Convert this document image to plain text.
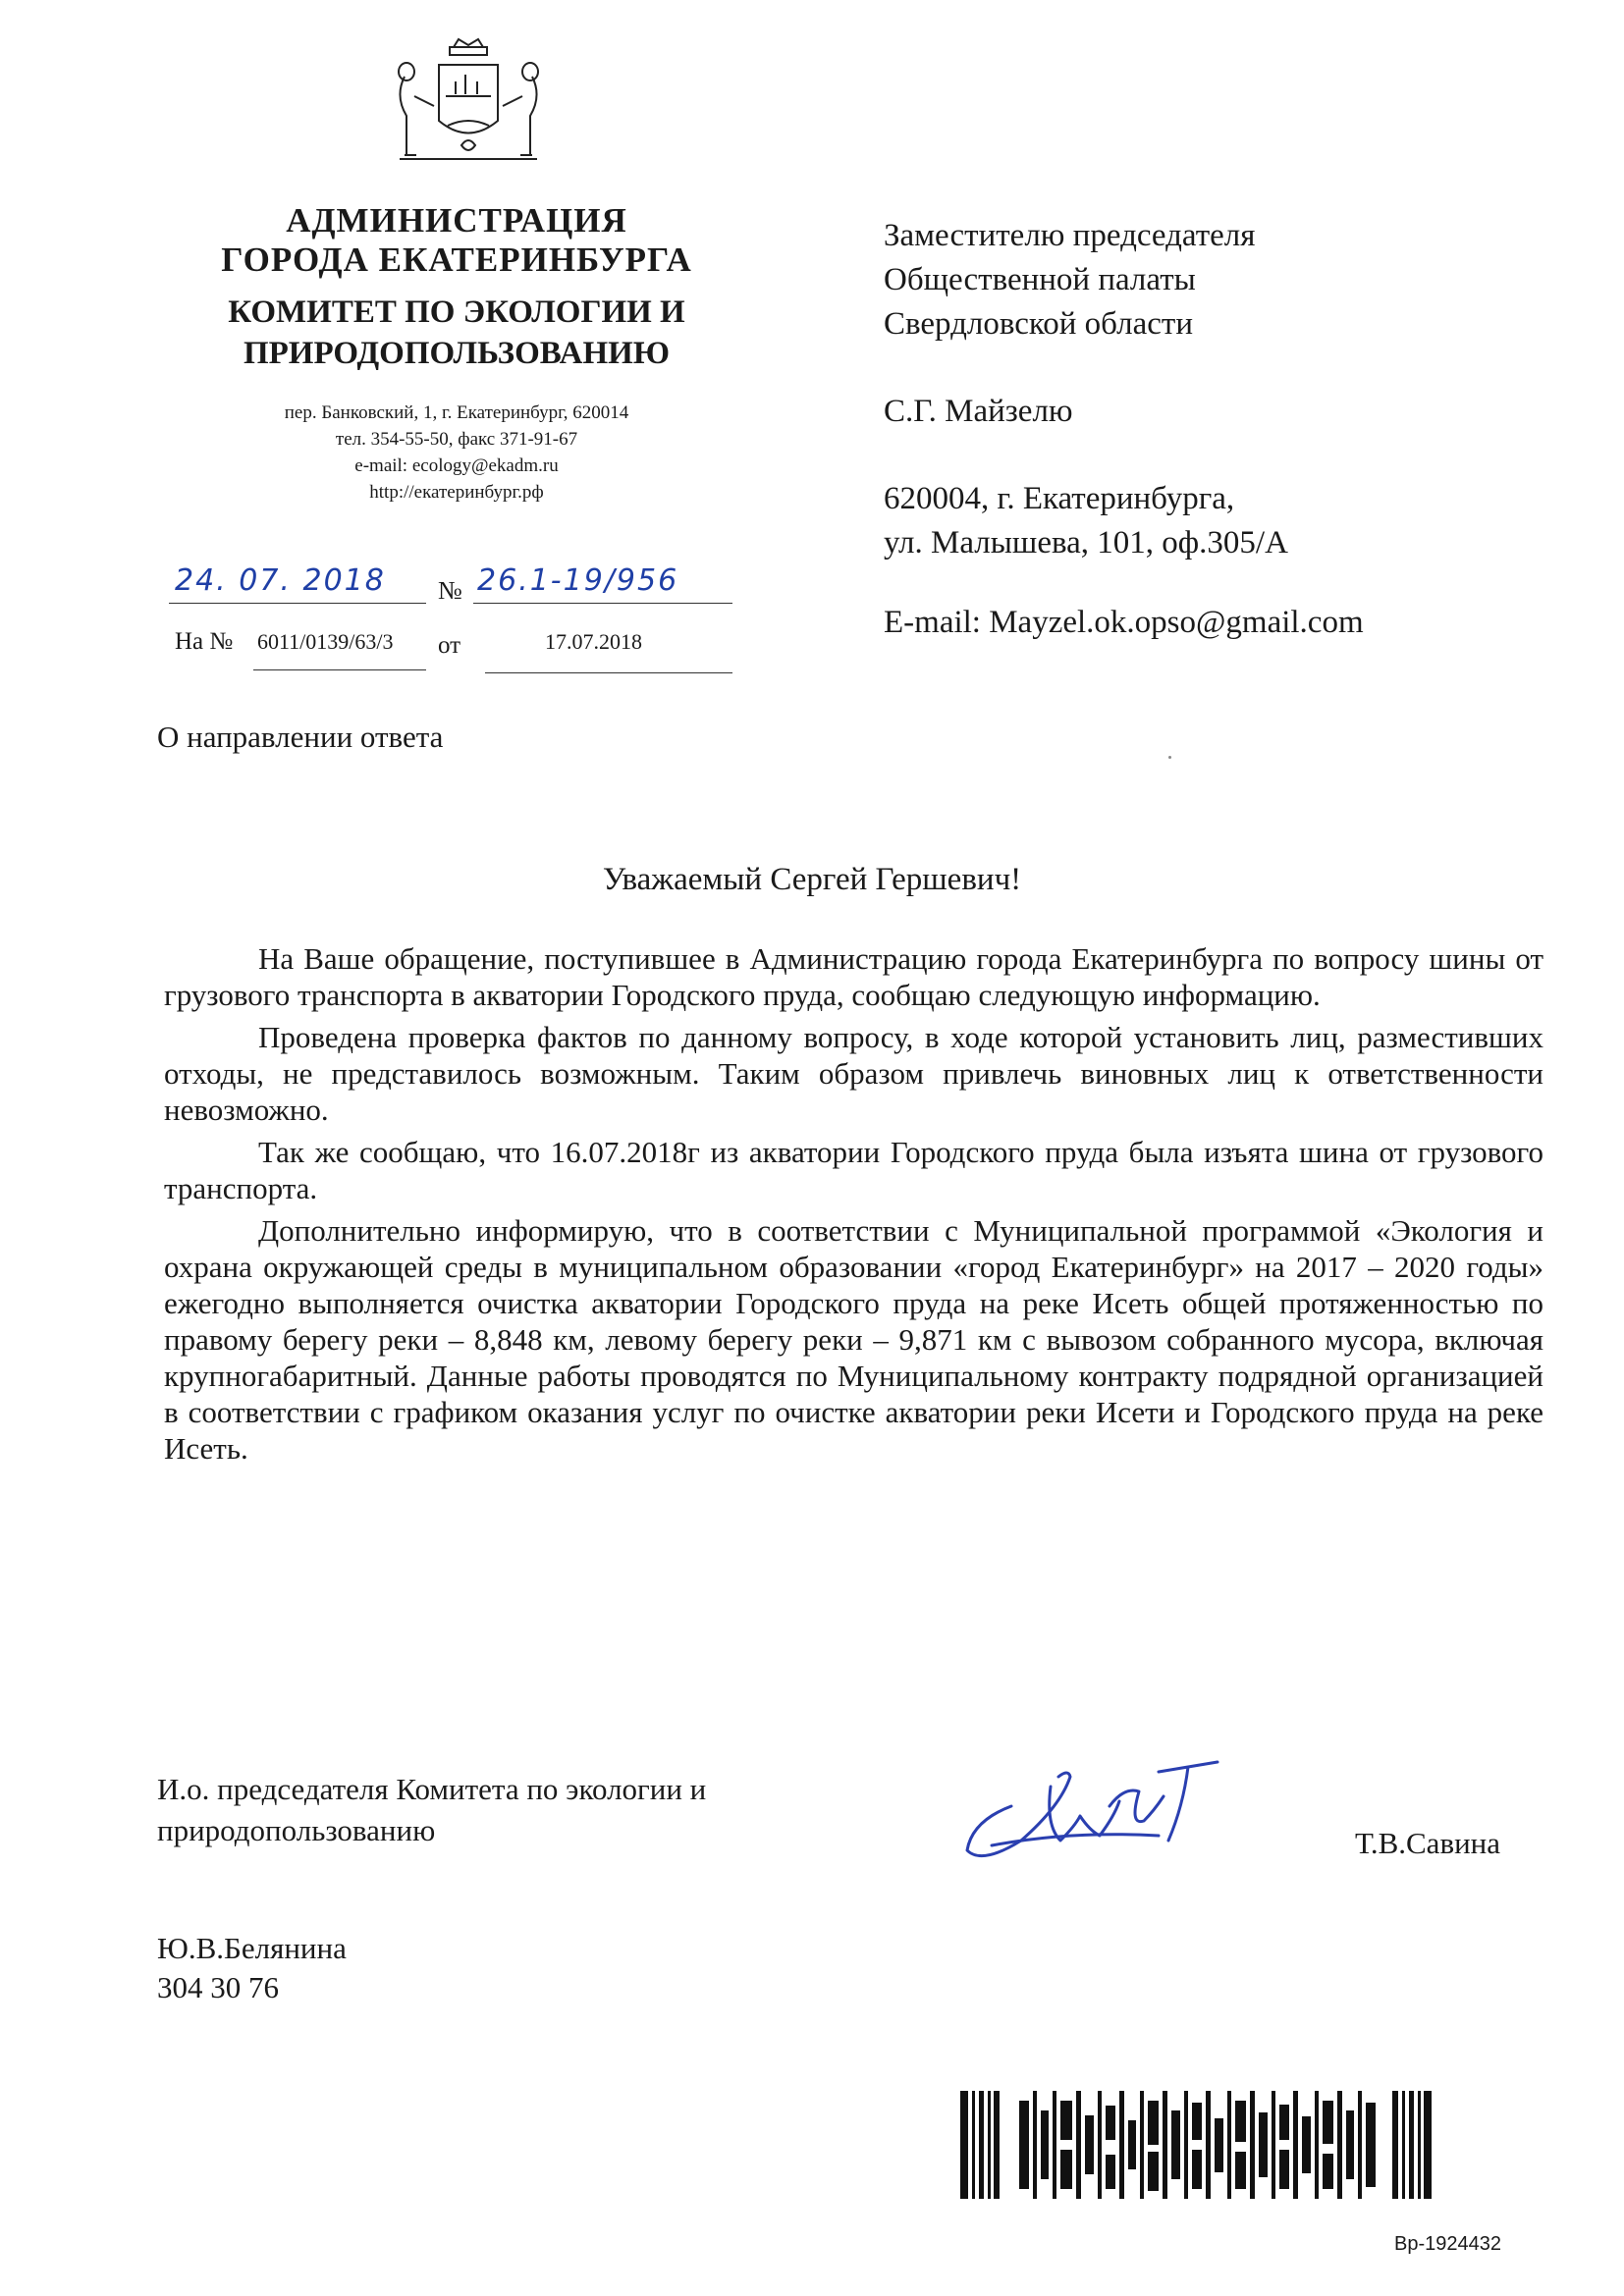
АДМИНИСТРАЦИЯ
ГОРОДА ЕКАТЕРИНБУРГА
КОМИТЕТ ПО ЭКОЛОГИИ И
ПРИРОДОПОЛЬЗОВАНИЮ
пер. Банковский, 1, г. Екатеринбург, 620014
тел. 354-55-50, факс 371-91-67
e-mail: ecology@ekadm.ru
http://екатеринбург.рф
24. 07. 2018 № 26.1-19/956
На № 6011/0139/63/3	от	17.07.2018
Заместителю председателя
Общественной палаты
Свердловской области
С.Г. Майзелю
620004, г. Екатеринбурга,
ул. Малышева, 101, оф.305/А
E-mail: Mayzel.ok.opso@gmail.com
О направлении ответа
Уважаемый Сергей Гершевич!

На Ваше обращение, поступившее в Администрацию города Екатеринбурга по вопросу шины от грузового транспорта в акватории Городского пруда, сообщаю следующую информацию.

Проведена проверка фактов по данному вопросу, в ходе которой установить лиц, разместивших отходы, не представилось возможным. Таким образом привлечь виновных лиц к ответственности невозможно.

Так же сообщаю, что 16.07.2018г из акватории Городского пруда была изъята шина от грузового транспорта.

Дополнительно информирую, что в соответствии с Муниципальной программой «Экология и охрана окружающей среды в муниципальном образовании «город Екатеринбург» на 2017 – 2020 годы» ежегодно выполняется очистка акватории Городского пруда на реке Исеть общей протяженностью по правому берегу реки – 8,848 км, левому берегу реки – 9,871 км с вывозом собранного мусора, включая крупногабаритный. Данные работы проводятся по Муниципальному контракту подрядной организацией в соответствии с графиком оказания услуг по очистке акватории реки Исети и Городского пруда на реке Исеть.

И.о. председателя Комитета по экологии и
природопользованию	Т.В.Савина
Ю.В.Белянина
304 30 76
Вр-1924432
